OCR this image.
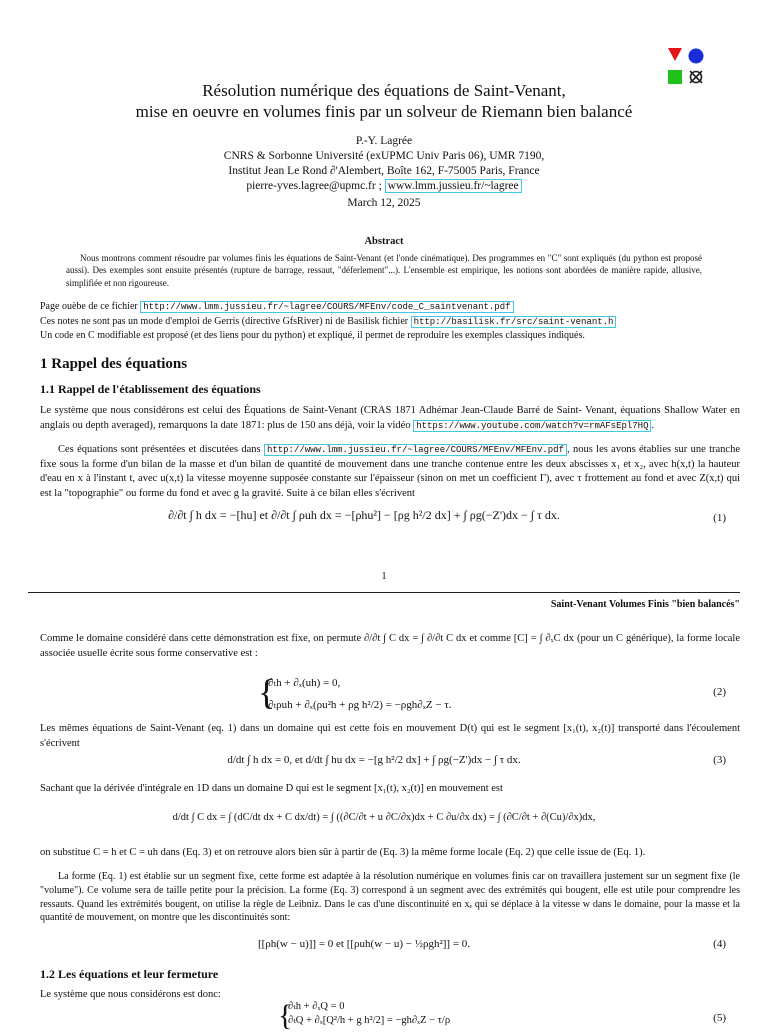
Résolution numérique des équations de Saint-Venant,
mise en oeuvre en volumes finis par un solveur de Riemann bien balancé
P.-Y. Lagrée
CNRS & Sorbonne Université (exUPMC Univ Paris 06), UMR 7190,
Institut Jean Le Rond ∂'Alembert, Boîte 162, F-75005 Paris, France
pierre-yves.lagree@upmc.fr ; www.lmm.jussieu.fr/~lagree
March 12, 2025
Abstract
Nous montrons comment résoudre par volumes finis les équations de Saint-Venant (et l'onde cinématique). Des programmes en "C" sont expliqués (du python est proposé aussi). Des exemples sont ensuite présentés (rupture de barrage, ressaut, "déferlement"...). L'ensemble est empirique, les notions sont abordées de manière rapide, allusive, simplifiée et non rigoureuse.
Page ouèbe de ce fichier http://www.lmm.jussieu.fr/~lagree/COURS/MFEnv/code_C_saintvenant.pdf
Ces notes ne sont pas un mode d'emploi de Gerris (directive GfsRiver) ni de Basilisk fichier http://basilisk.fr/src/saint-venant.h
Un code en C modifiable est proposé (et des liens pour du python) et expliqué, il permet de reproduire les exemples classiques indiqués.
1 Rappel des équations
1.1 Rappel de l'établissement des équations
Le système que nous considérons est celui des Équations de Saint-Venant (CRAS 1871 Adhémar Jean-Claude Barré de Saint- Venant, équations Shallow Water en anglais ou depth averaged), remarquons la date 1871: plus de 150 ans déjà, voir la vidéo https://www.youtube.com/watch?v=rmAFsEpl7HQ .
Ces équations sont présentées et discutées dans http://www.lmm.jussieu.fr/~lagree/COURS/MFEnv/MFEnv.pdf , nous les avons établies sur une tranche fixe sous la forme d'un bilan de la masse et d'un bilan de quantité de mouvement dans une tranche contenue entre les deux abscisses x₁ et x₂, avec h(x,t) la hauteur d'eau en x à l'instant t, avec u(x,t) la vitesse moyenne supposée constante sur l'épaisseur (sinon on met un coefficient Γ), avec τ frottement au fond et avec Z(x,t) qui est la "topographie" ou forme du fond et avec g la gravité. Suite à ce bilan elles s'écrivent
∂/∂t ∫ h dx = −[hu] et ∂/∂t ∫ ρuh dx = −[ρhu²] − [ρg h²/2 dx] + ∫ ρg(−Z')dx − ∫ τ dx.	(1)
1
Saint-Venant Volumes Finis "bien balancés"
Comme le domaine considéré dans cette démonstration est fixe, on permute ∂/∂t ∫ C dx = ∫ ∂/∂t C dx et comme [C] = ∫ ∂ₓC dx (pour un C générique), la forme locale associée usuelle écrite sous forme conservative est :
{
∂ₜh + ∂ₓ(uh) = 0,
∂ₜρuh + ∂ₓ(ρu²h + ρg h²/2) = −ρgh∂ₓZ − τ.
(2)
Les mêmes équations de Saint-Venant (eq. 1) dans un domaine qui est cette fois en mouvement D(t) qui est le segment [x₁(t), x₂(t)] transporté dans l'écoulement s'écrivent
d/dt ∫ h dx = 0, et d/dt ∫ hu dx = −[g h²/2 dx] + ∫ ρg(−Z')dx − ∫ τ dx.	(3)
Sachant que la dérivée d'intégrale en 1D dans un domaine D qui est le segment [x₁(t), x₂(t)] en mouvement est
d/dt ∫ C dx = ∫ (dC/dt dx + C dx/dt) = ∫ ((∂C/∂t + u ∂C/∂x)dx + C ∂u/∂x dx) = ∫ (∂C/∂t + ∂(Cu)/∂x)dx,
on substitue C = h et C = uh dans (Eq. 3) et on retrouve alors bien sûr à partir de (Eq. 3) la même forme locale (Eq. 2) que celle issue de (Eq. 1).
La forme (Eq. 1) est établie sur un segment fixe, cette forme est adaptée à la résolution numérique en volumes finis car on travaillera justement sur un segment fixe (le "volume"). Ce volume sera de taille petite pour la précision. La forme (Eq. 3) correspond à un segment avec des extrémités qui bougent, elle est utile pour comprendre les ressauts. Quand les extrémités bougent, on utilise la règle de Leibniz. Dans le cas d'une discontinuité en xₑ qui se déplace à la vitesse w dans le domaine, pour la masse et la quantité de mouvement, on montre que les discontinuités sont:
[[ρh(w − u)]] = 0 et [[ρuh(w − u) − ½ρgh²]] = 0.	(4)
1.2 Les équations et leur fermeture
Le système que nous considérons est donc:
{
∂ₜh + ∂ₓQ = 0
∂ₜQ + ∂ₓ[Q²/h + g h²/2] = −gh∂ₓZ − τ/ρ	(5)
